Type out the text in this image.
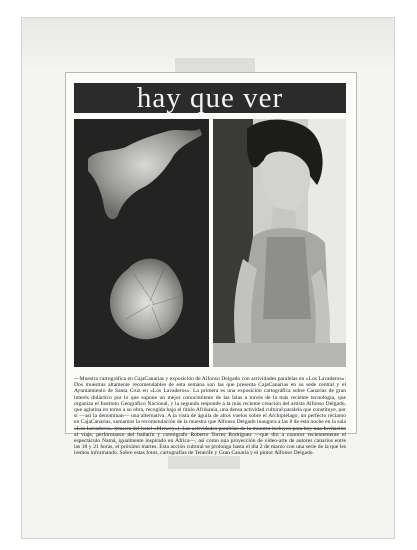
hay que ver
—Muestra cartográfica en CajaCanarias y exposición de Alfonso Delgado con actividades paralelas en «Los Lavaderos»: Dos muestras altamente recomendables de esta semana son las que presenta CajaCanarias en su sede central y el Ayuntamiento de Santa Cruz en «Los Lavaderos». La primera es una exposición cartográfica sobre Canarias de gran interés didáctico por lo que supone un mejor conocimiento de las Islas a través de la más reciente tecnología, que organiza el Instituto Geográfico Nacional, y la segunda responde a la más reciente creación del artista Alfonso Delgado, que aglutina en torno a su obra, recogida bajo el título Afrikania, una densa actividad cultural paralela que constituye, por sí —así la denominan— una alternativa. A la vista de águila de altos vuelos sobre el Archipiélago, un perfecto reclamo en CajaCanarias, sumamos la recomendación de la muestra que Alfonso Delgado inaugura a las 8 de esta noche en la sala al viaje, performance del bailarín y coreógrafo Roberto Torres Rodríguez —que dio a conocer recientemente el espectáculo Namá, igualmente inspirado en África—, así como una proyección de vídeo-arte de autores canarios entre las 18 y 21 horas, el próximo martes. Esta acción cultural se prolonga hasta el día 2 de marzo con una serie de la que les iremos informando. Sobre estas fotos, cartografías de Tenerife y Gran Canaria y el pintor Alfonso Delgado.
